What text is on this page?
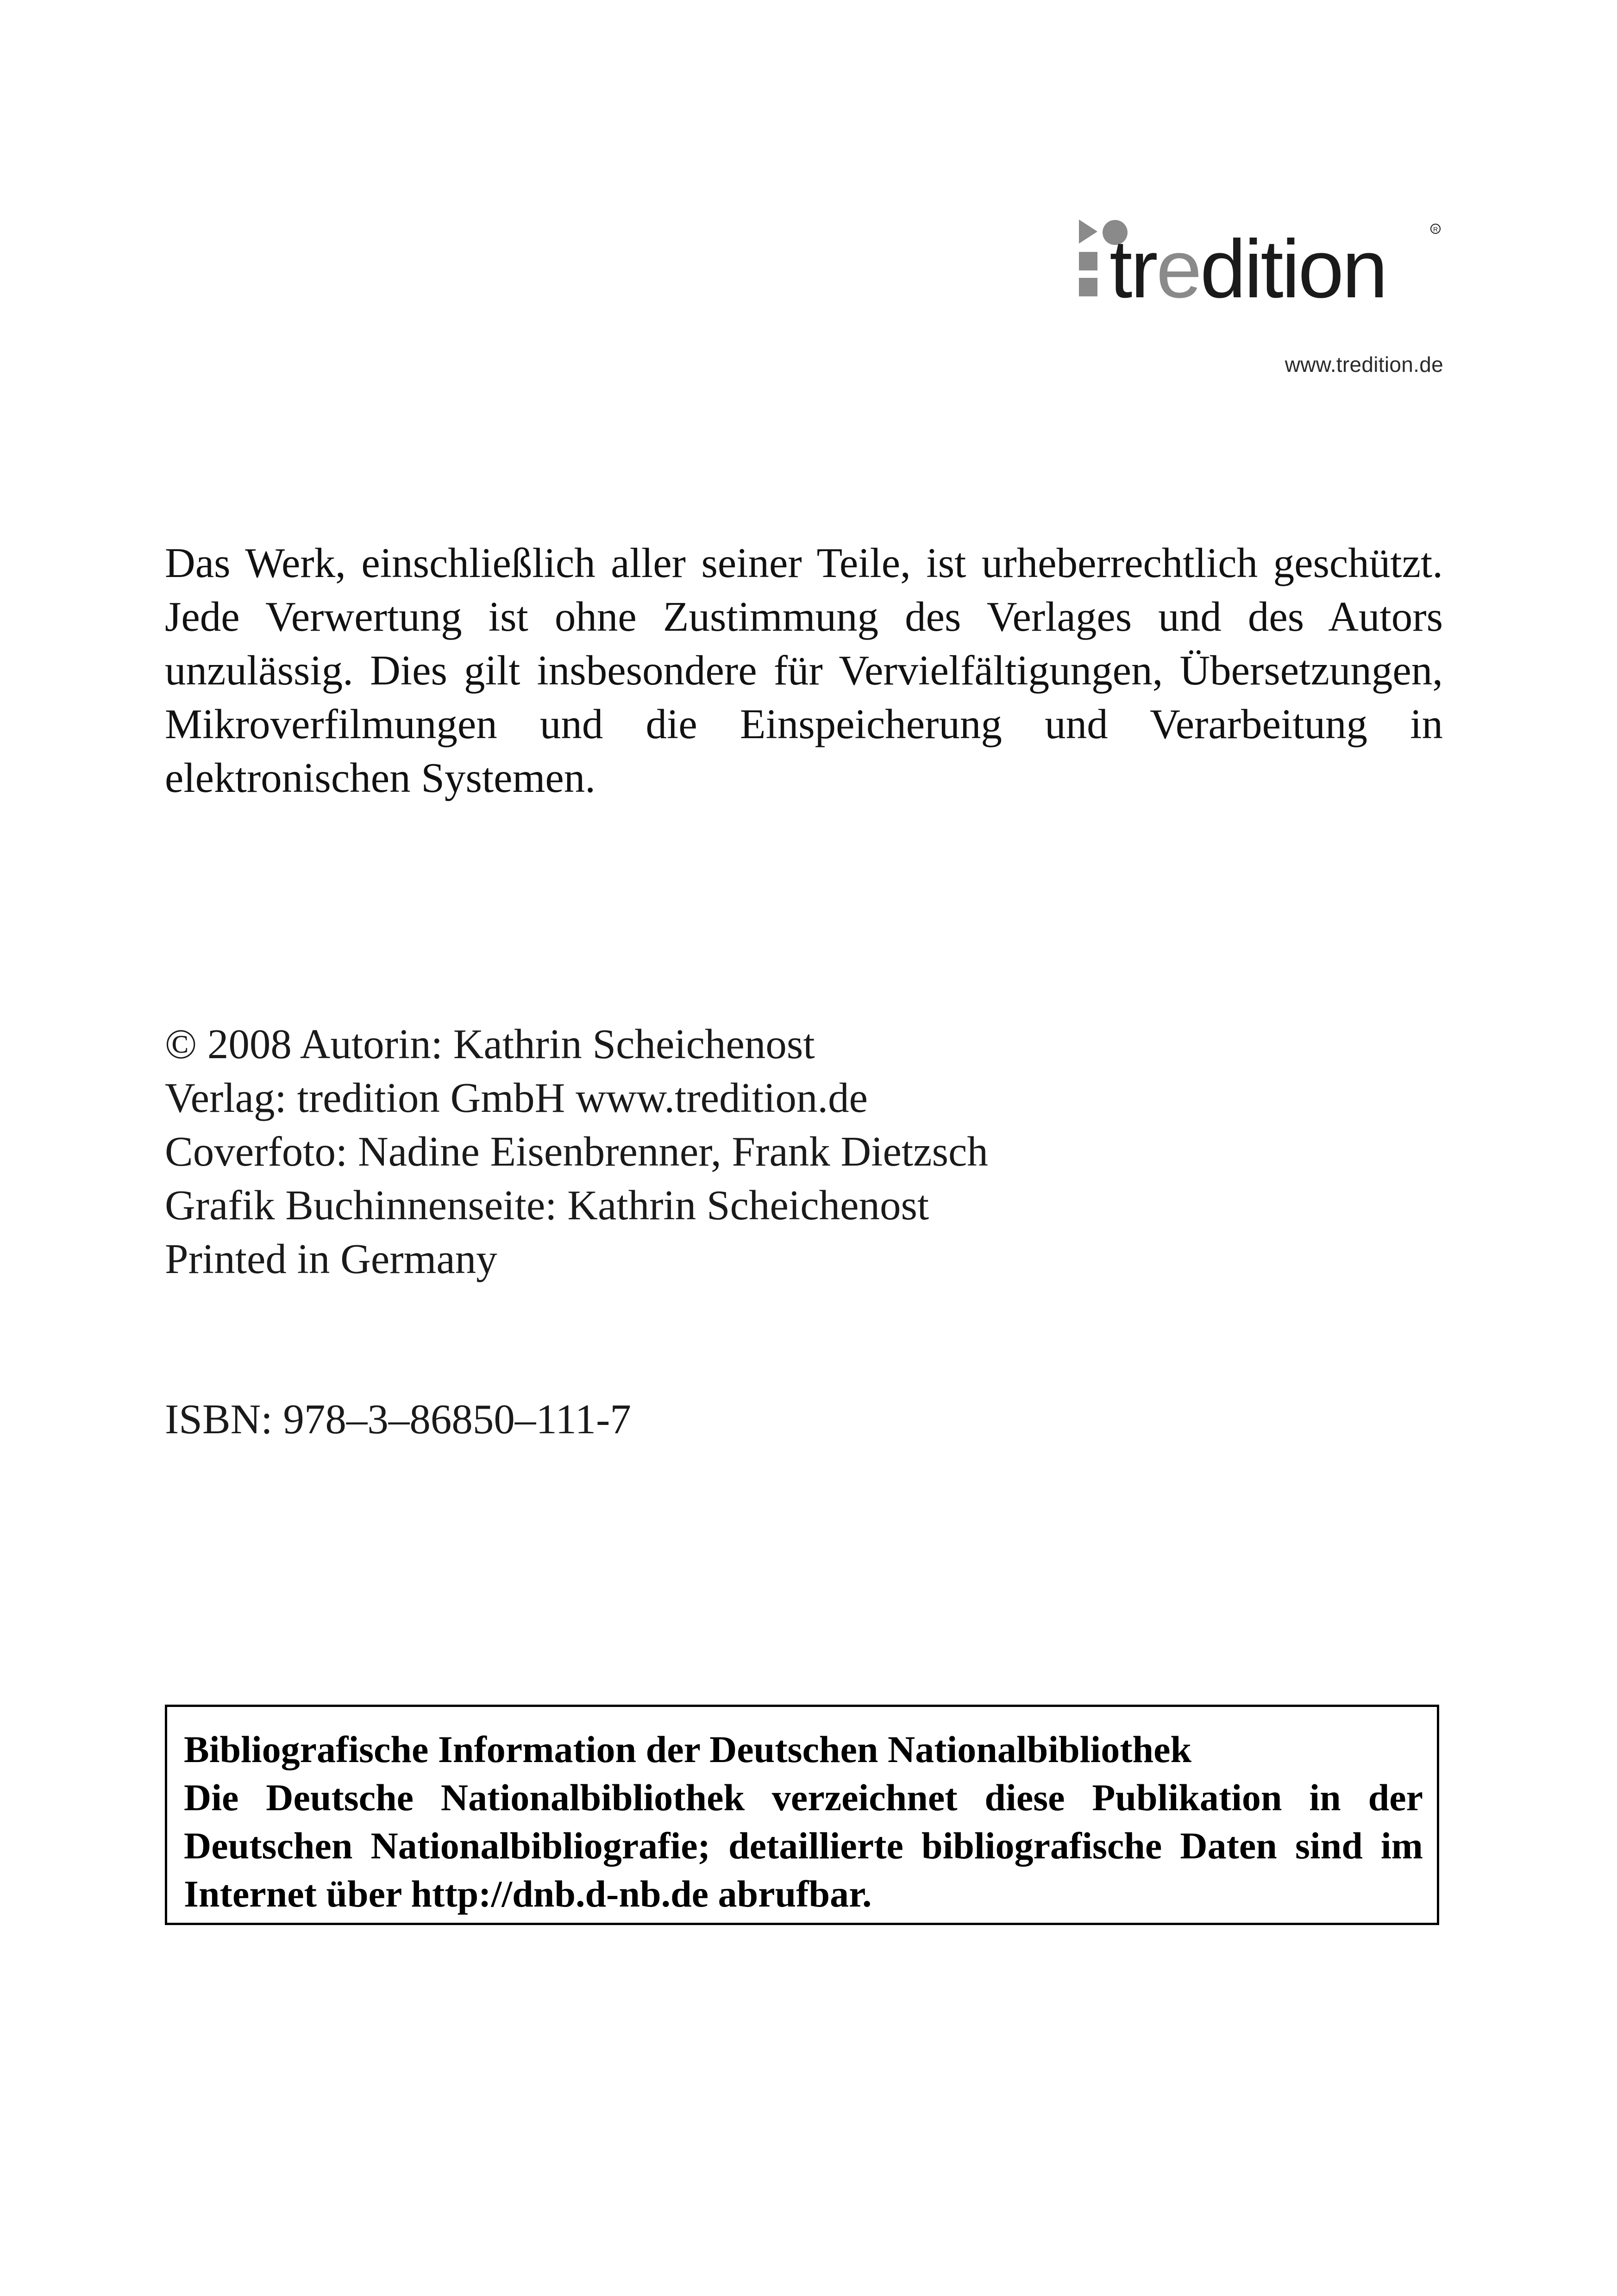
tredition	R
www.tredition.de

Das Werk, einschließlich aller seiner Teile, ist urheberrechtlich geschützt. Jede Verwertung ist ohne Zustimmung des Verlages und des Autors unzulässig. Dies gilt insbesondere für Vervielfältigungen, Übersetzungen, Mikroverfilmungen und die Einspeicherung und Verarbeitung in elektronischen Systemen.

© 2008 Autorin: Kathrin Scheichenost
Verlag: tredition GmbH www.tredition.de
Coverfoto: Nadine Eisenbrenner, Frank Dietzsch
Grafik Buchinnenseite: Kathrin Scheichenost
Printed in Germany
ISBN: 978–3–86850–111-7
Bibliografische Information der Deutschen Nationalbibliothek
Die Deutsche Nationalbibliothek verzeichnet diese Publikation in der Deutschen Nationalbibliografie; detaillierte bibliografische Daten sind im Internet über http://dnb.d-nb.de abrufbar.
